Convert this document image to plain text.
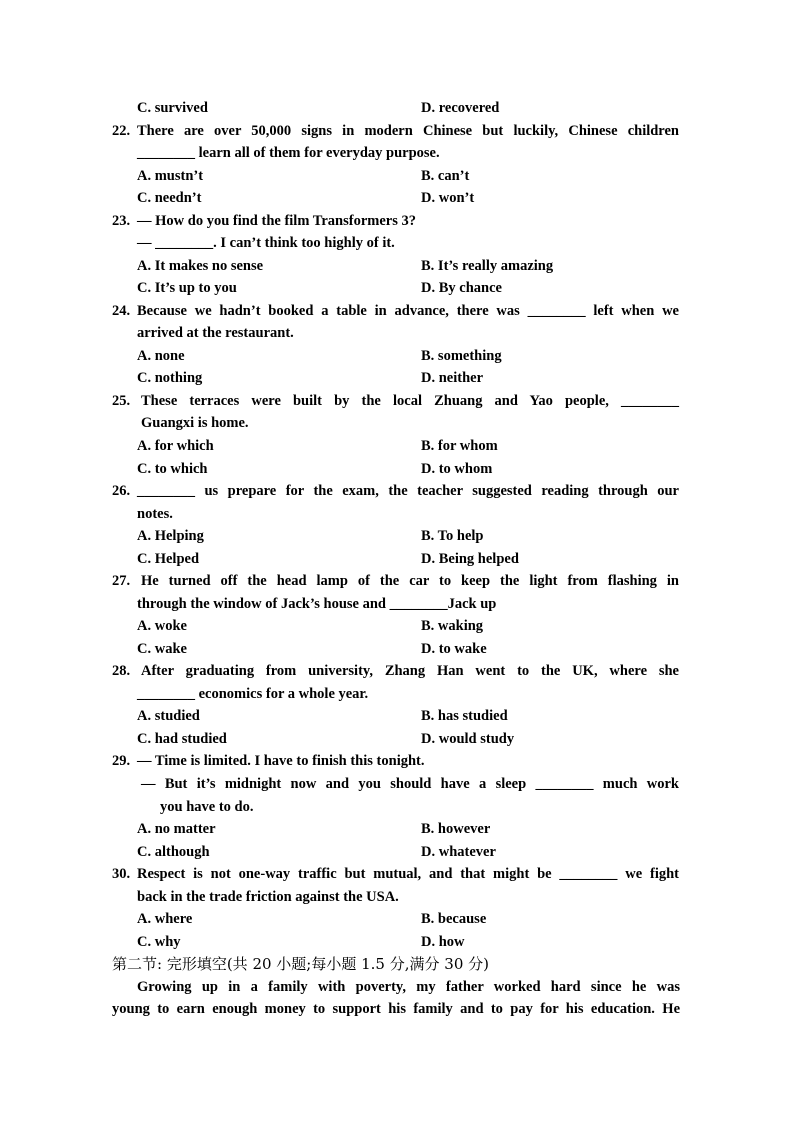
C. survived	D. recovered
22. There are over 50,000 signs in modern Chinese but luckily, Chinese children
________ learn all of them for everyday purpose.
A. mustn’t	B. can’t
C. needn’t	D. won’t
23. — How do you find the film Transformers 3?
— ________. I can’t think too highly of it.
A. It makes no sense	B. It’s really amazing
C. It’s up to you	D. By chance
24. Because we hadn’t booked a table in advance, there was ________ left when we
arrived at the restaurant.
A. none	B. something
C. nothing	D. neither
25. These terraces were built by the local Zhuang and Yao people, ________
Guangxi is home.
A. for which	B. for whom
C. to which	D. to whom
26. ________ us prepare for the exam, the teacher suggested reading through our
notes.
A. Helping	B. To help
C. Helped	D. Being helped
27. He turned off the head lamp of the car to keep the light from flashing in
through the window of Jack’s house and ________Jack up
A. woke	B. waking
C. wake	D. to wake
28. After graduating from university, Zhang Han went to the UK, where she
________ economics for a whole year.
A. studied	B. has studied
C. had studied	D. would study
29. — Time is limited. I have to finish this tonight.
— But it’s midnight now and you should have a sleep ________ much work
you have to do.
A. no matter	B. however
C. although	D. whatever
30. Respect is not one-way traffic but mutual, and that might be ________ we fight
back in the trade friction against the USA.
A. where	B. because
C. why	D. how
第二节: 完形填空(共 20 小题;每小题 1.5 分,满分 30 分)
Growing up in a family with poverty, my father worked hard since he was
young to earn enough money to support his family and to pay for his education. He
